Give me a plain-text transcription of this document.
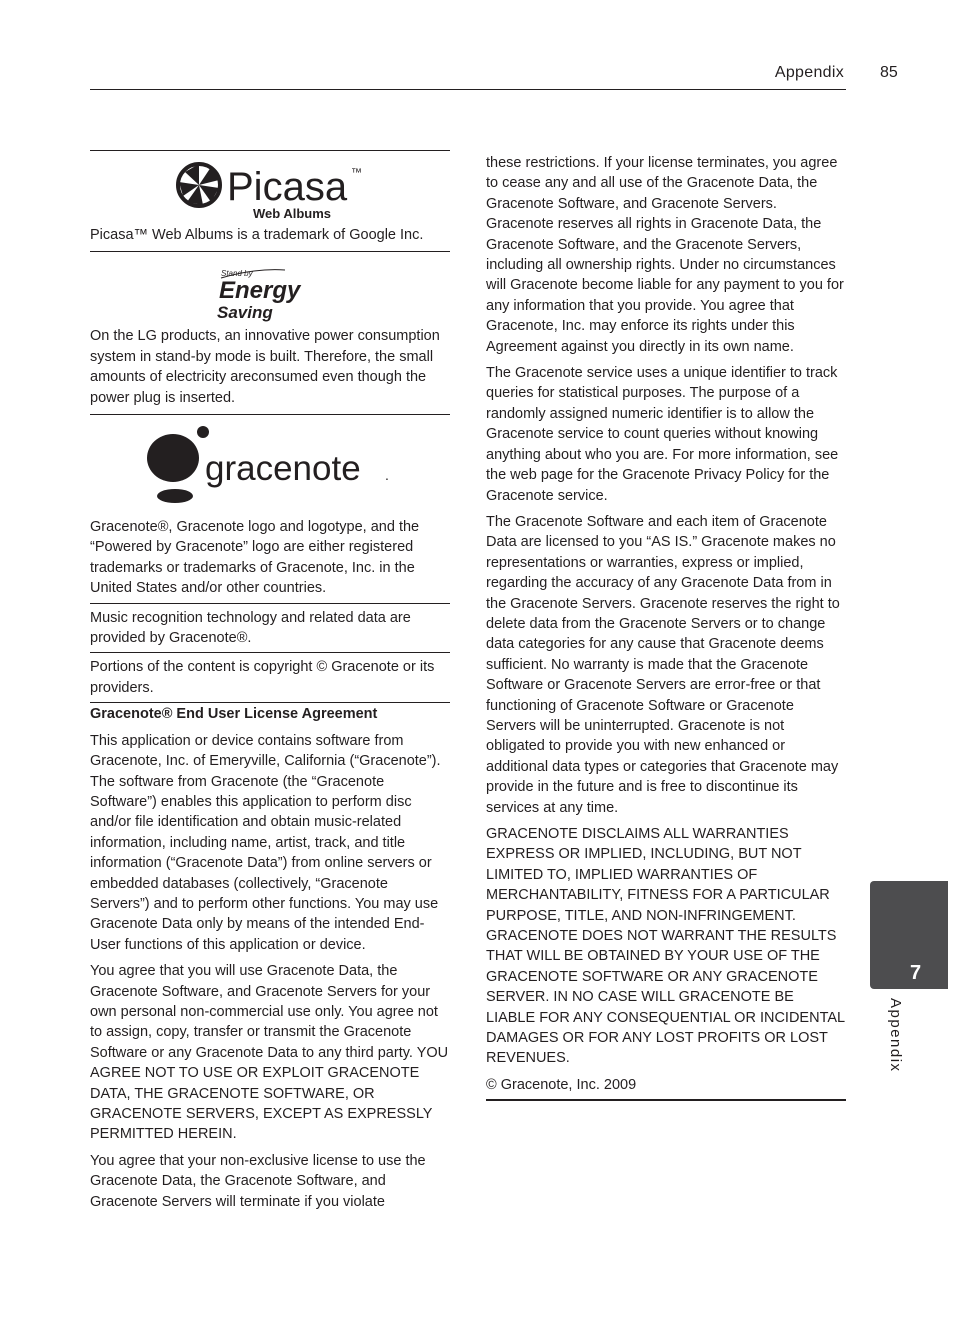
Appendix 85
Picasa ™
Web Albums

Picasa™ Web Albums is a trademark of Google Inc.

Stand by
Energy
Saving

On the LG products, an innovative power consumption system in stand-by mode is built. Therefore, the small amounts of electricity areconsumed even though the power plug is inserted.

gracenote .

Gracenote®, Gracenote logo and logotype, and the “Powered by Gracenote” logo are either registered trademarks or trademarks of Gracenote, Inc. in the United States and/or other countries.

Music recognition technology and related data are provided by Gracenote®.

Portions of the content is copyright © Gracenote or its providers.

Gracenote® End User License Agreement

This application or device contains software from Gracenote, Inc. of Emeryville, California (“Gracenote”). The software from Gracenote (the “Gracenote Software”) enables this application to perform disc and/or file identification and obtain music-related information, including name, artist, track, and title information (“Gracenote Data”) from online servers or embedded databases (collectively, “Gracenote Servers”) and to perform other functions. You may use Gracenote Data only by means of the intended End-User functions of this application or device.

You agree that you will use Gracenote Data, the Gracenote Software, and Gracenote Servers for your own personal non-commercial use only. You agree not to assign, copy, transfer or transmit the Gracenote Software or any Gracenote Data to any third party. YOU AGREE NOT TO USE OR EXPLOIT GRACENOTE DATA, THE GRACENOTE SOFTWARE, OR GRACENOTE SERVERS, EXCEPT AS EXPRESSLY PERMITTED HEREIN.

You agree that your non-exclusive license to use the Gracenote Data, the Gracenote Software, and Gracenote Servers will terminate if you violate

these restrictions. If your license terminates, you agree to cease any and all use of the Gracenote Data, the Gracenote Software, and Gracenote Servers. Gracenote reserves all rights in Gracenote Data, the Gracenote Software, and the Gracenote Servers, including all ownership rights. Under no circumstances will Gracenote become liable for any payment to you for any information that you provide. You agree that Gracenote, Inc. may enforce its rights under this Agreement against you directly in its own name.

The Gracenote service uses a unique identifier to track queries for statistical purposes. The purpose of a randomly assigned numeric identifier is to allow the Gracenote service to count queries without knowing anything about who you are. For more information, see the web page for the Gracenote Privacy Policy for the Gracenote service.

The Gracenote Software and each item of Gracenote Data are licensed to you “AS IS.” Gracenote makes no representations or warranties, express or implied, regarding the accuracy of any Gracenote Data from in the Gracenote Servers. Gracenote reserves the right to delete data from the Gracenote Servers or to change data categories for any cause that Gracenote deems sufficient. No warranty is made that the Gracenote Software or Gracenote Servers are error-free or that functioning of Gracenote Software or Gracenote Servers will be uninterrupted. Gracenote is not obligated to provide you with new enhanced or additional data types or categories that Gracenote may provide in the future and is free to discontinue its services at any time.

GRACENOTE DISCLAIMS ALL WARRANTIES EXPRESS OR IMPLIED, INCLUDING, BUT NOT LIMITED TO, IMPLIED WARRANTIES OF MERCHANTABILITY, FITNESS FOR A PARTICULAR PURPOSE, TITLE, AND NON-INFRINGEMENT. GRACENOTE DOES NOT WARRANT THE RESULTS THAT WILL BE OBTAINED BY YOUR USE OF THE GRACENOTE SOFTWARE OR ANY GRACENOTE SERVER. IN NO CASE WILL GRACENOTE BE LIABLE FOR ANY CONSEQUENTIAL OR INCIDENTAL DAMAGES OR FOR ANY LOST PROFITS OR LOST REVENUES.

© Gracenote, Inc. 2009

7
Appendix
